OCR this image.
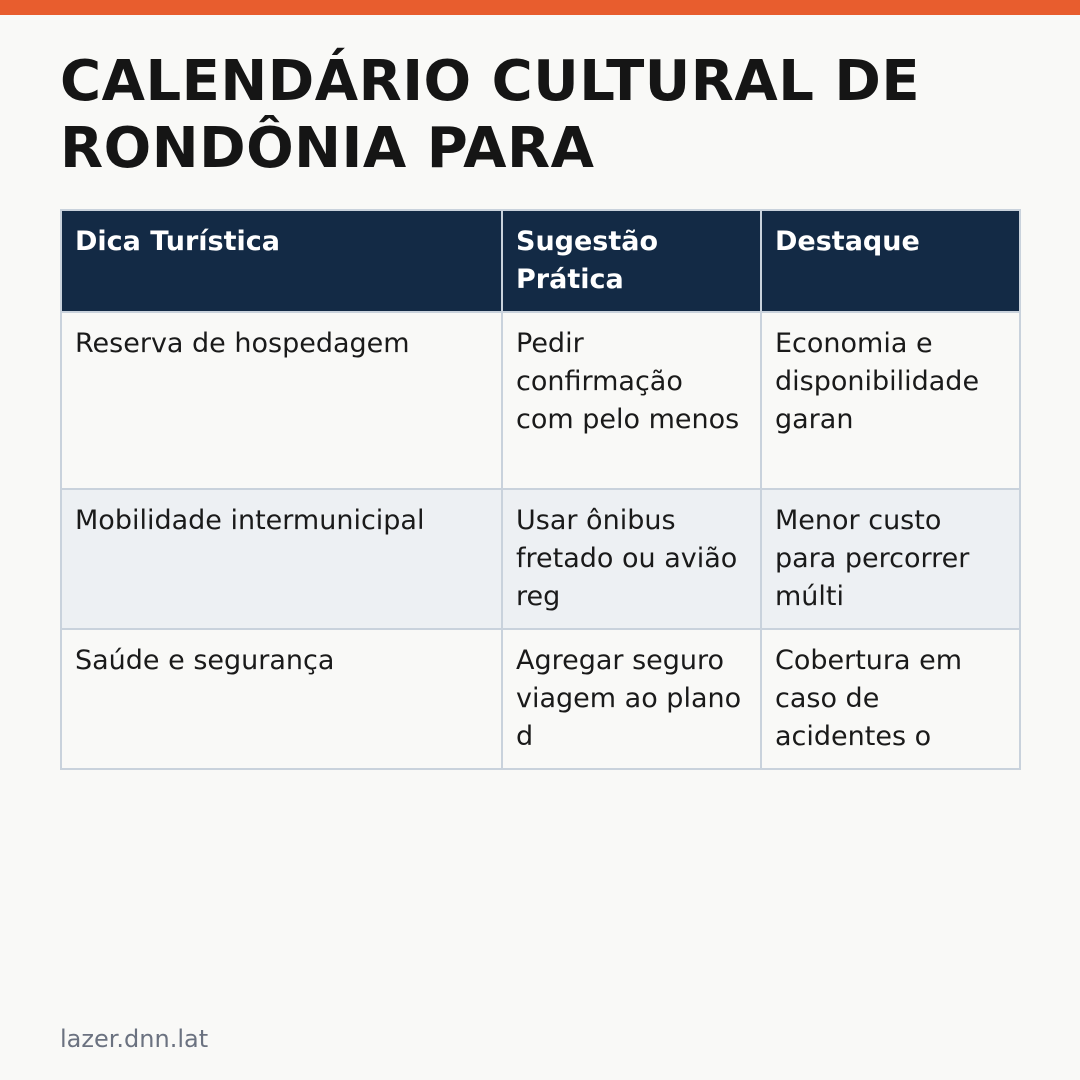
CALENDÁRIO CULTURAL DE RONDÔNIA PARA
Dica Turística	Sugestão Prática	Destaque
Reserva de hospedagem	Pedir confirmação com pelo menos	Economia e disponibilidade garan
Mobilidade intermunicipal	Usar ônibus fretado ou avião reg	Menor custo para percorrer múlti
Saúde e segurança	Agregar seguro viagem ao plano d	Cobertura em caso de acidentes o
lazer.dnn.lat
